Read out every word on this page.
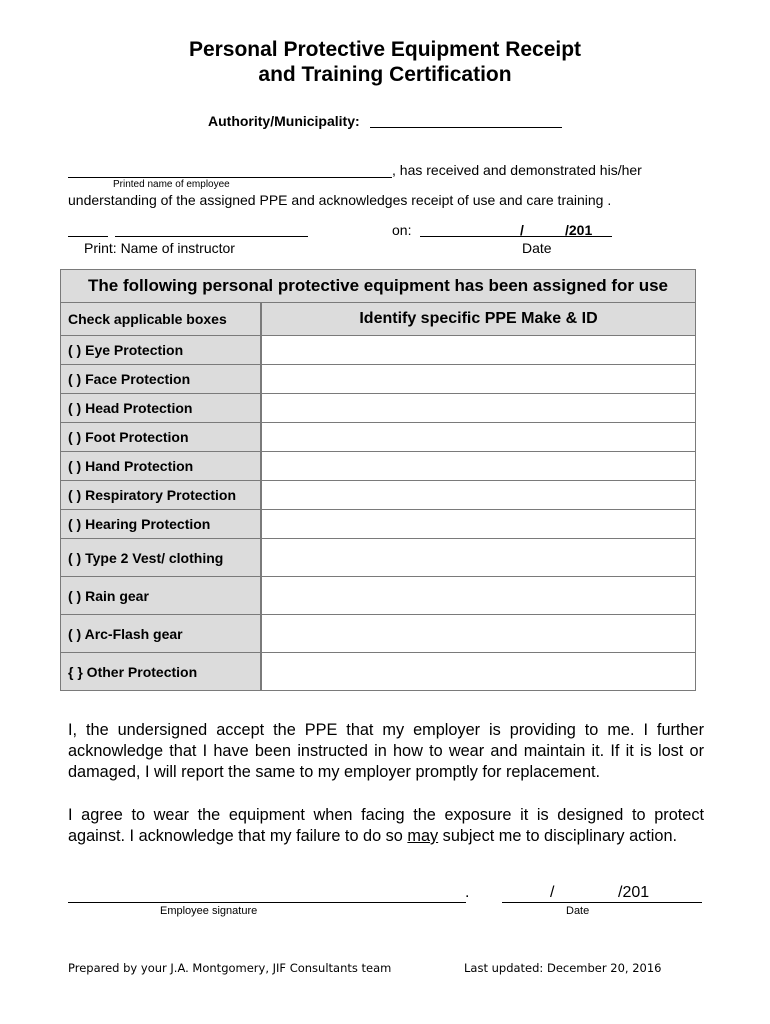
Personal Protective Equipment Receipt
and Training Certification
Authority/Municipality:
, has received and demonstrated his/her
Printed name of employee
understanding of the assigned PPE and acknowledges receipt of use and care training .
on:	/	/201
Print: Name of instructor	Date
The following personal protective equipment has been assigned for use	
Check applicable boxes	Identify specific PPE Make & ID
( ) Eye Protection	
( ) Face Protection	
( ) Head Protection	
( ) Foot Protection	
( ) Hand Protection	
( ) Respiratory Protection	
( ) Hearing Protection	
( ) Type 2 Vest/ clothing	
( ) Rain gear	
( ) Arc-Flash gear	
{ } Other Protection	
I, the undersigned accept the PPE that my employer is providing to me. I further acknowledge that I have been instructed in how to wear and maintain it. If it is lost or damaged, I will report the same to my employer promptly for replacement.
I agree to wear the equipment when facing the exposure it is designed to protect against. I acknowledge that my failure to do so may subject me to disciplinary action.
.	/	/201
Employee signature	Date
Prepared by your J.A. Montgomery, JIF Consultants team	Last updated: December 20, 2016
